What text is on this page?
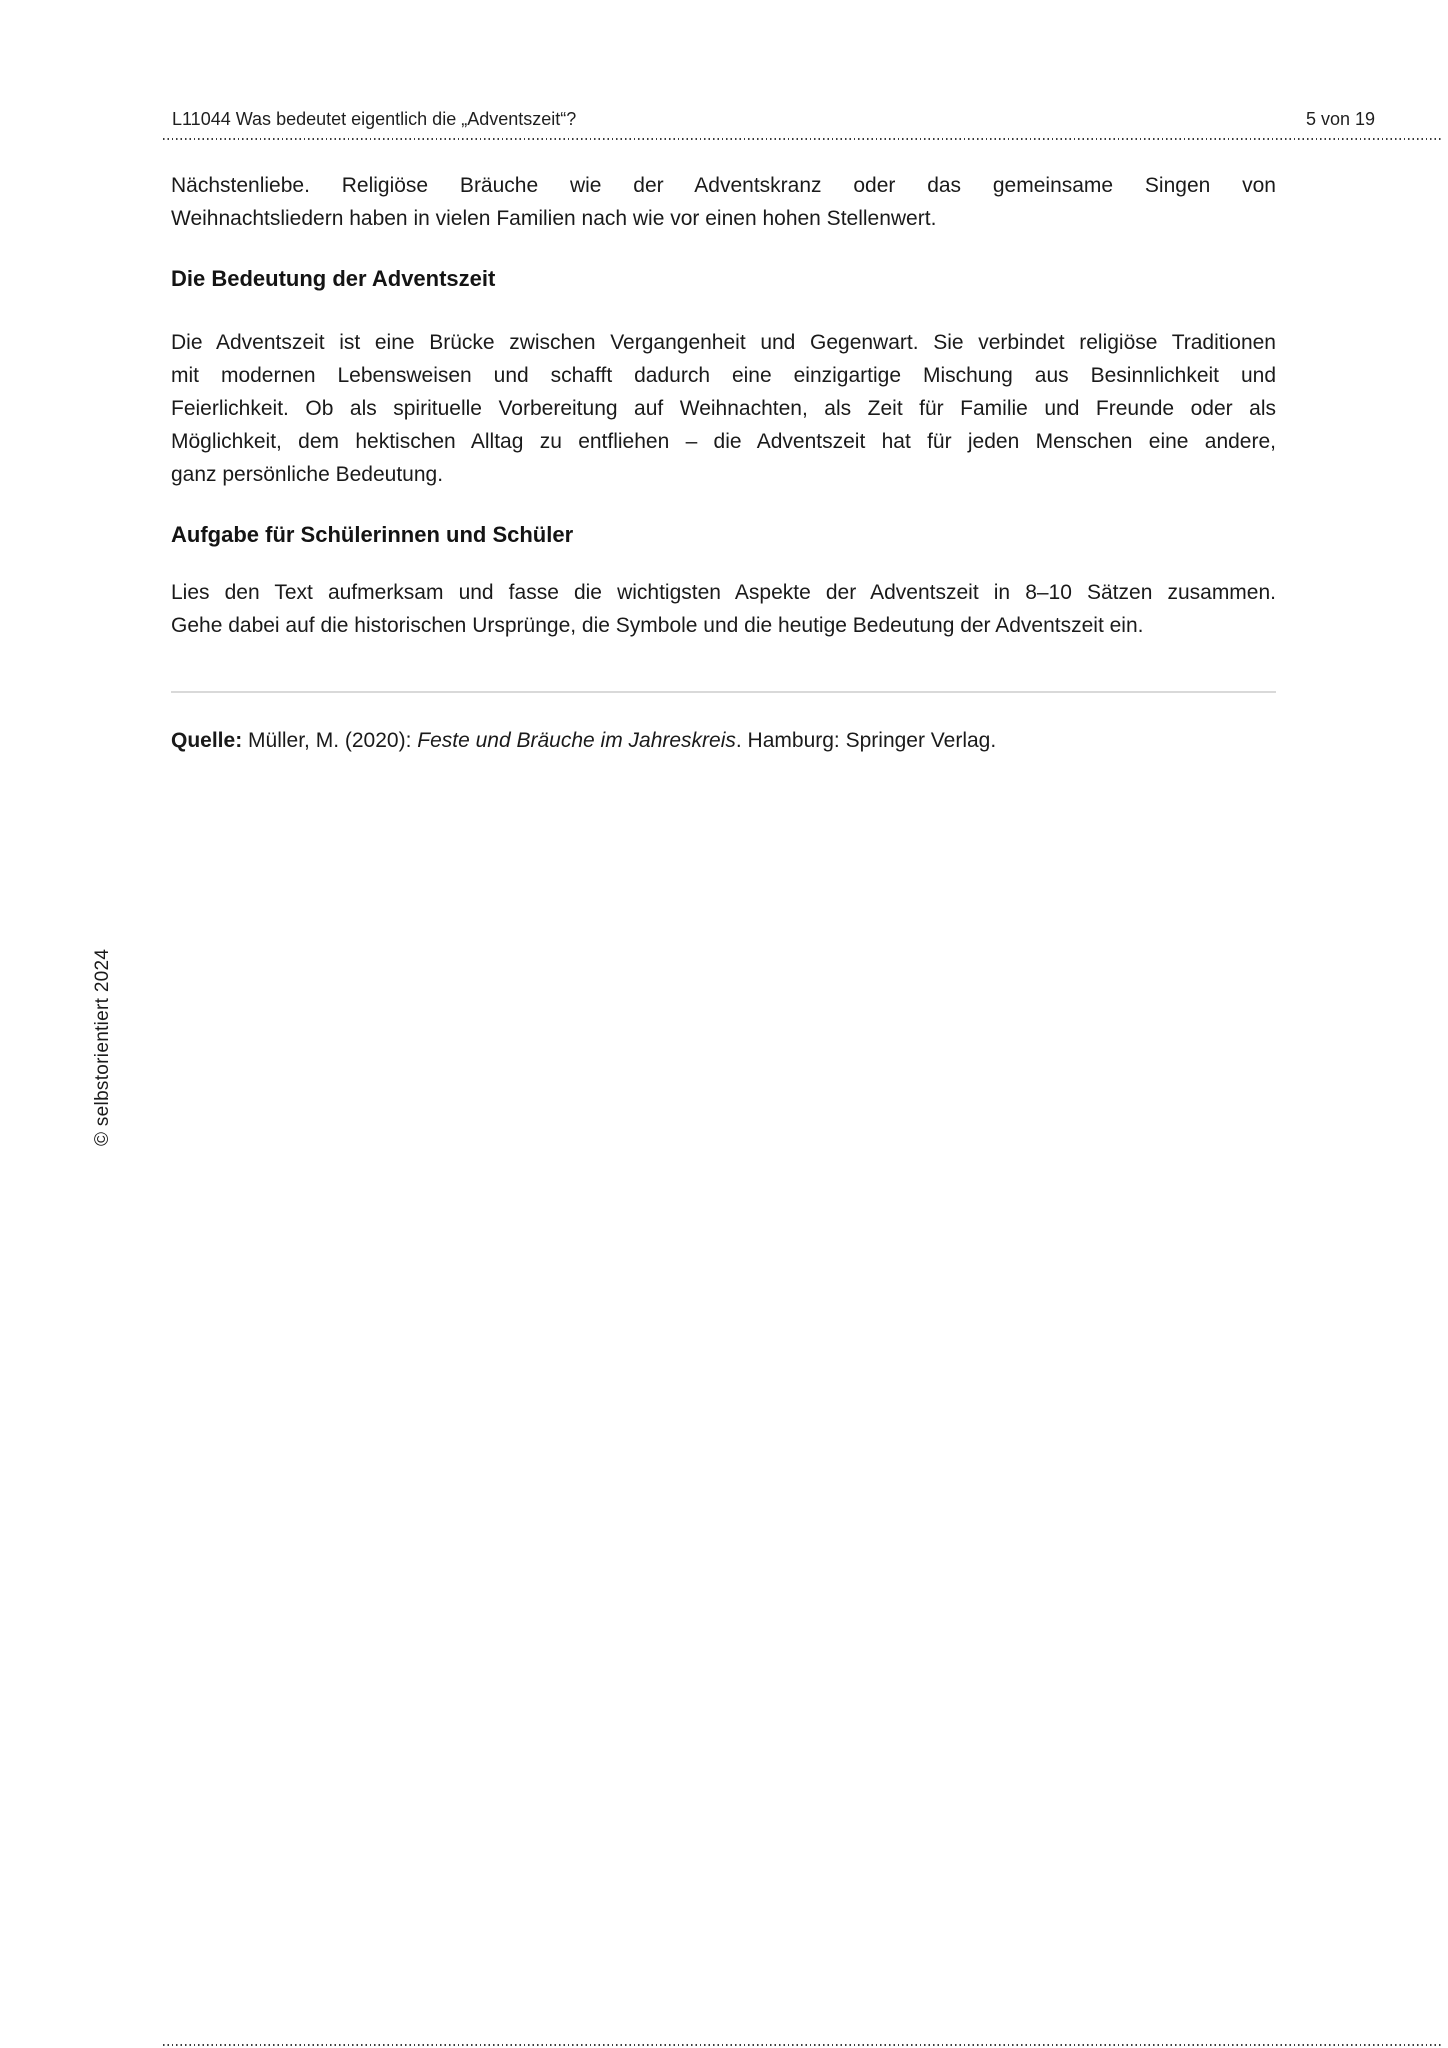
L11044 Was bedeutet eigentlich die „Adventszeit“?	5 von 19
Nächstenliebe. Religiöse Bräuche wie der Adventskranz oder das gemeinsame Singen von
Weihnachtsliedern haben in vielen Familien nach wie vor einen hohen Stellenwert.
Die Bedeutung der Adventszeit
Die Adventszeit ist eine Brücke zwischen Vergangenheit und Gegenwart. Sie verbindet religiöse Traditionen
mit modernen Lebensweisen und schafft dadurch eine einzigartige Mischung aus Besinnlichkeit und
Feierlichkeit. Ob als spirituelle Vorbereitung auf Weihnachten, als Zeit für Familie und Freunde oder als
Möglichkeit, dem hektischen Alltag zu entfliehen – die Adventszeit hat für jeden Menschen eine andere,
ganz persönliche Bedeutung.
Aufgabe für Schülerinnen und Schüler
Lies den Text aufmerksam und fasse die wichtigsten Aspekte der Adventszeit in 8–10 Sätzen zusammen.
Gehe dabei auf die historischen Ursprünge, die Symbole und die heutige Bedeutung der Adventszeit ein.

Quelle: Müller, M. (2020): Feste und Bräuche im Jahreskreis. Hamburg: Springer Verlag.

© selbstorientiert 2024
